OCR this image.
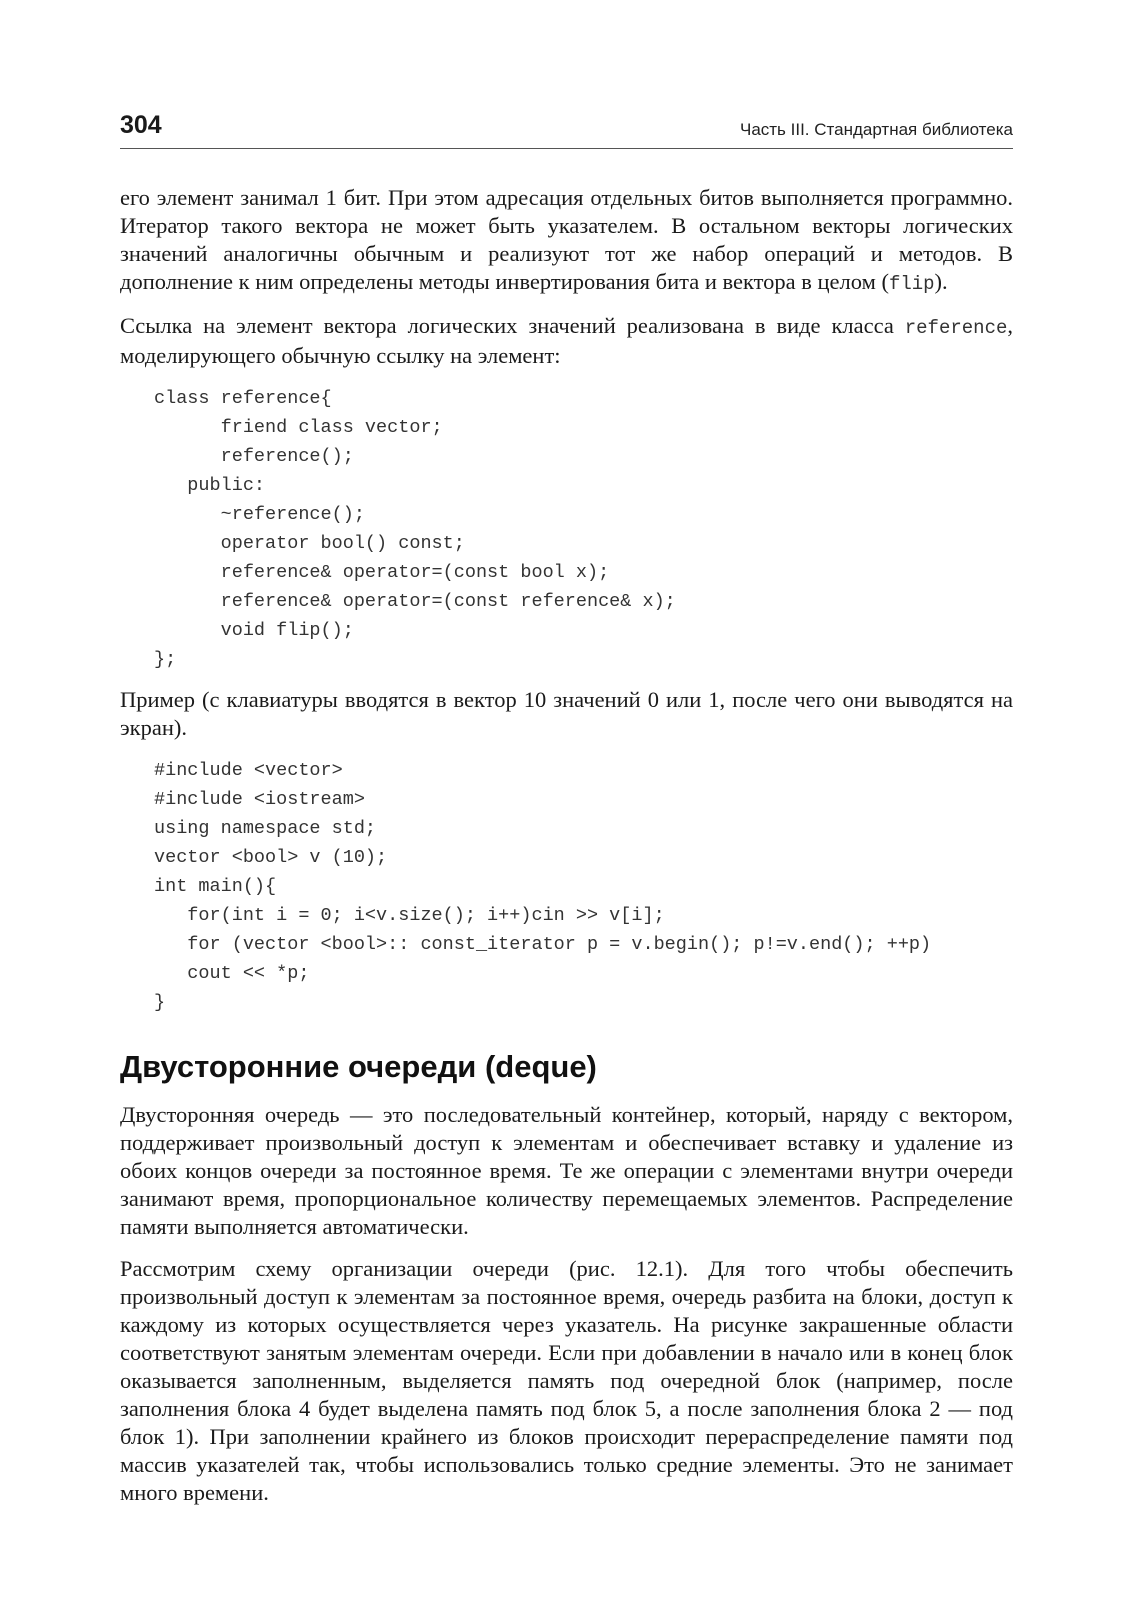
304	Часть III. Стандартная библиотека

его элемент занимал 1 бит. При этом адресация отдельных битов выполняется программно. Итератор такого вектора не может быть указателем. В остальном векторы логических значений аналогичны обычным и реализуют тот же набор операций и методов. В дополнение к ним определены методы инвертирования бита и вектора в целом (flip).

Ссылка на элемент вектора логических значений реализована в виде класса reference, моделирующего обычную ссылку на элемент:

class reference{
friend class vector;
reference();
public:
~reference();
operator bool() const;
reference& operator=(const bool x);
reference& operator=(const reference& x);
void flip();
};

Пример (с клавиатуры вводятся в вектор 10 значений 0 или 1, после чего они выводятся на экран).

#include <vector>
#include <iostream>
using namespace std;
vector <bool> v (10);
int main(){
for(int i = 0; i<v.size(); i++)cin >> v[i];
for (vector <bool>:: const_iterator p = v.begin(); p!=v.end(); ++p)
cout << *p;
}
Двусторонние очереди (deque)

Двусторонняя очередь — это последовательный контейнер, который, наряду с вектором, поддерживает произвольный доступ к элементам и обеспечивает вставку и удаление из обоих концов очереди за постоянное время. Те же операции с элементами внутри очереди занимают время, пропорциональное количеству перемещаемых элементов. Распределение памяти выполняется автоматически.

Рассмотрим схему организации очереди (рис. 12.1). Для того чтобы обеспечить произвольный доступ к элементам за постоянное время, очередь разбита на блоки, доступ к каждому из которых осуществляется через указатель. На рисунке закрашенные области соответствуют занятым элементам очереди. Если при добавлении в начало или в конец блок оказывается заполненным, выделяется память под очередной блок (например, после заполнения блока 4 будет выделена память под блок 5, а после заполнения блока 2 — под блок 1). При заполнении крайнего из блоков происходит перераспределение памяти под массив указателей так, чтобы использовались только средние элементы. Это не занимает много времени.
